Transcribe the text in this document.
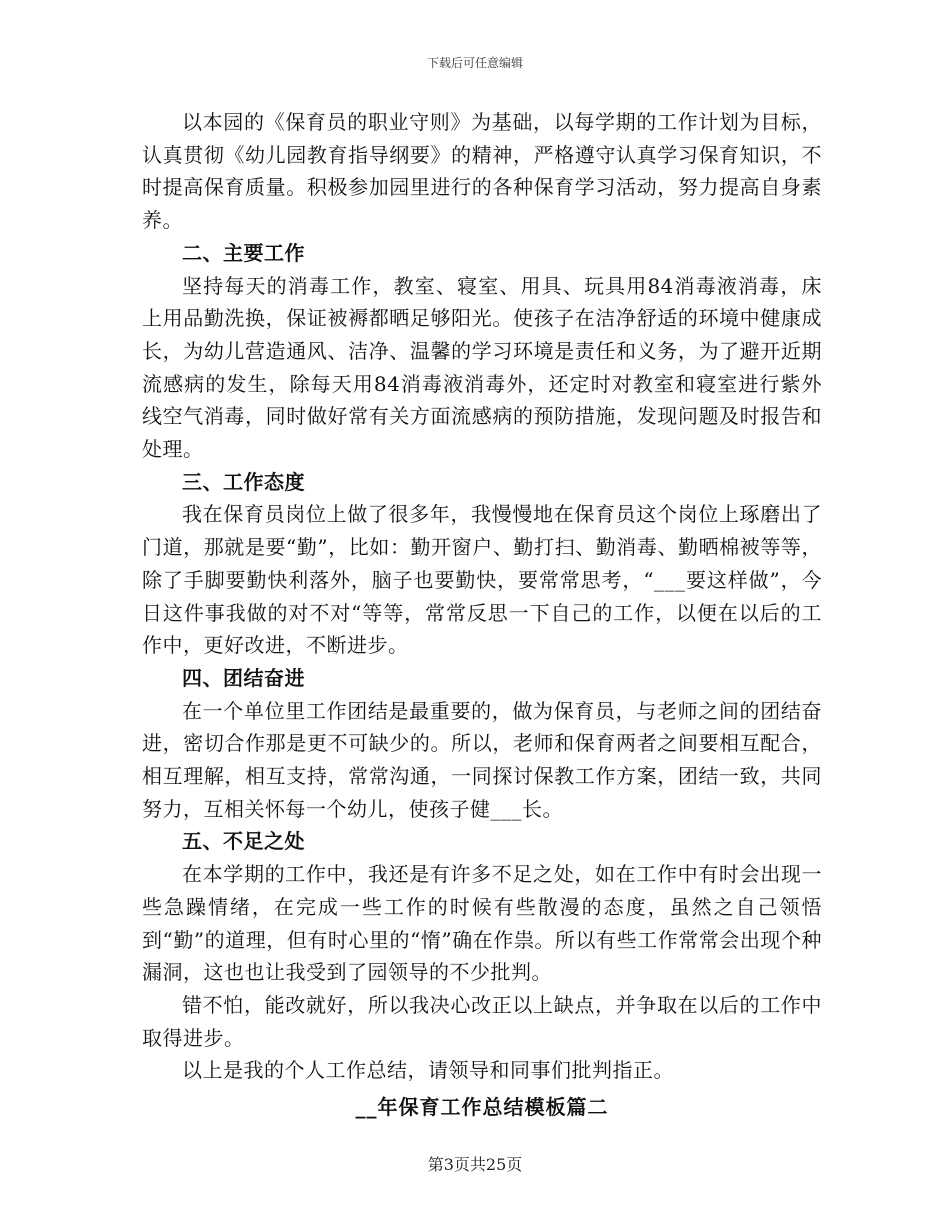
下载后可任意编辑

以本园的《保育员的职业守则》为基础，以每学期的工作计划为目标，认真贯彻《幼儿园教育指导纲要》的精神，严格遵守认真学习保育知识，不时提高保育质量。积极参加园里进行的各种保育学习活动，努力提高自身素养。

二、主要工作

坚持每天的消毒工作，教室、寝室、用具、玩具用84消毒液消毒，床上用品勤洗换，保证被褥都晒足够阳光。使孩子在洁净舒适的环境中健康成长，为幼儿营造通风、洁净、温馨的学习环境是责任和义务，为了避开近期流感病的发生，除每天用84消毒液消毒外，还定时对教室和寝室进行紫外线空气消毒，同时做好常有关方面流感病的预防措施，发现问题及时报告和处理。

三、工作态度

我在保育员岗位上做了很多年，我慢慢地在保育员这个岗位上琢磨出了门道，那就是要“勤”，比如：勤开窗户、勤打扫、勤消毒、勤晒棉被等等，除了手脚要勤快利落外，脑子也要勤快，要常常思考，“___要这样做”，今日这件事我做的对不对“等等，常常反思一下自己的工作，以便在以后的工作中，更好改进，不断进步。

四、团结奋进

在一个单位里工作团结是最重要的，做为保育员，与老师之间的团结奋进，密切合作那是更不可缺少的。所以，老师和保育两者之间要相互配合，相互理解，相互支持，常常沟通，一同探讨保教工作方案，团结一致，共同努力，互相关怀每一个幼儿，使孩子健___长。

五、不足之处

在本学期的工作中，我还是有许多不足之处，如在工作中有时会出现一些急躁情绪，在完成一些工作的时候有些散漫的态度，虽然之自己领悟到“勤”的道理，但有时心里的“惰”确在作祟。所以有些工作常常会出现个种漏洞，这也也让我受到了园领导的不少批判。

错不怕，能改就好，所以我决心改正以上缺点，并争取在以后的工作中取得进步。

以上是我的个人工作总结，请领导和同事们批判指正。

__年保育工作总结模板篇二

第3页共25页
